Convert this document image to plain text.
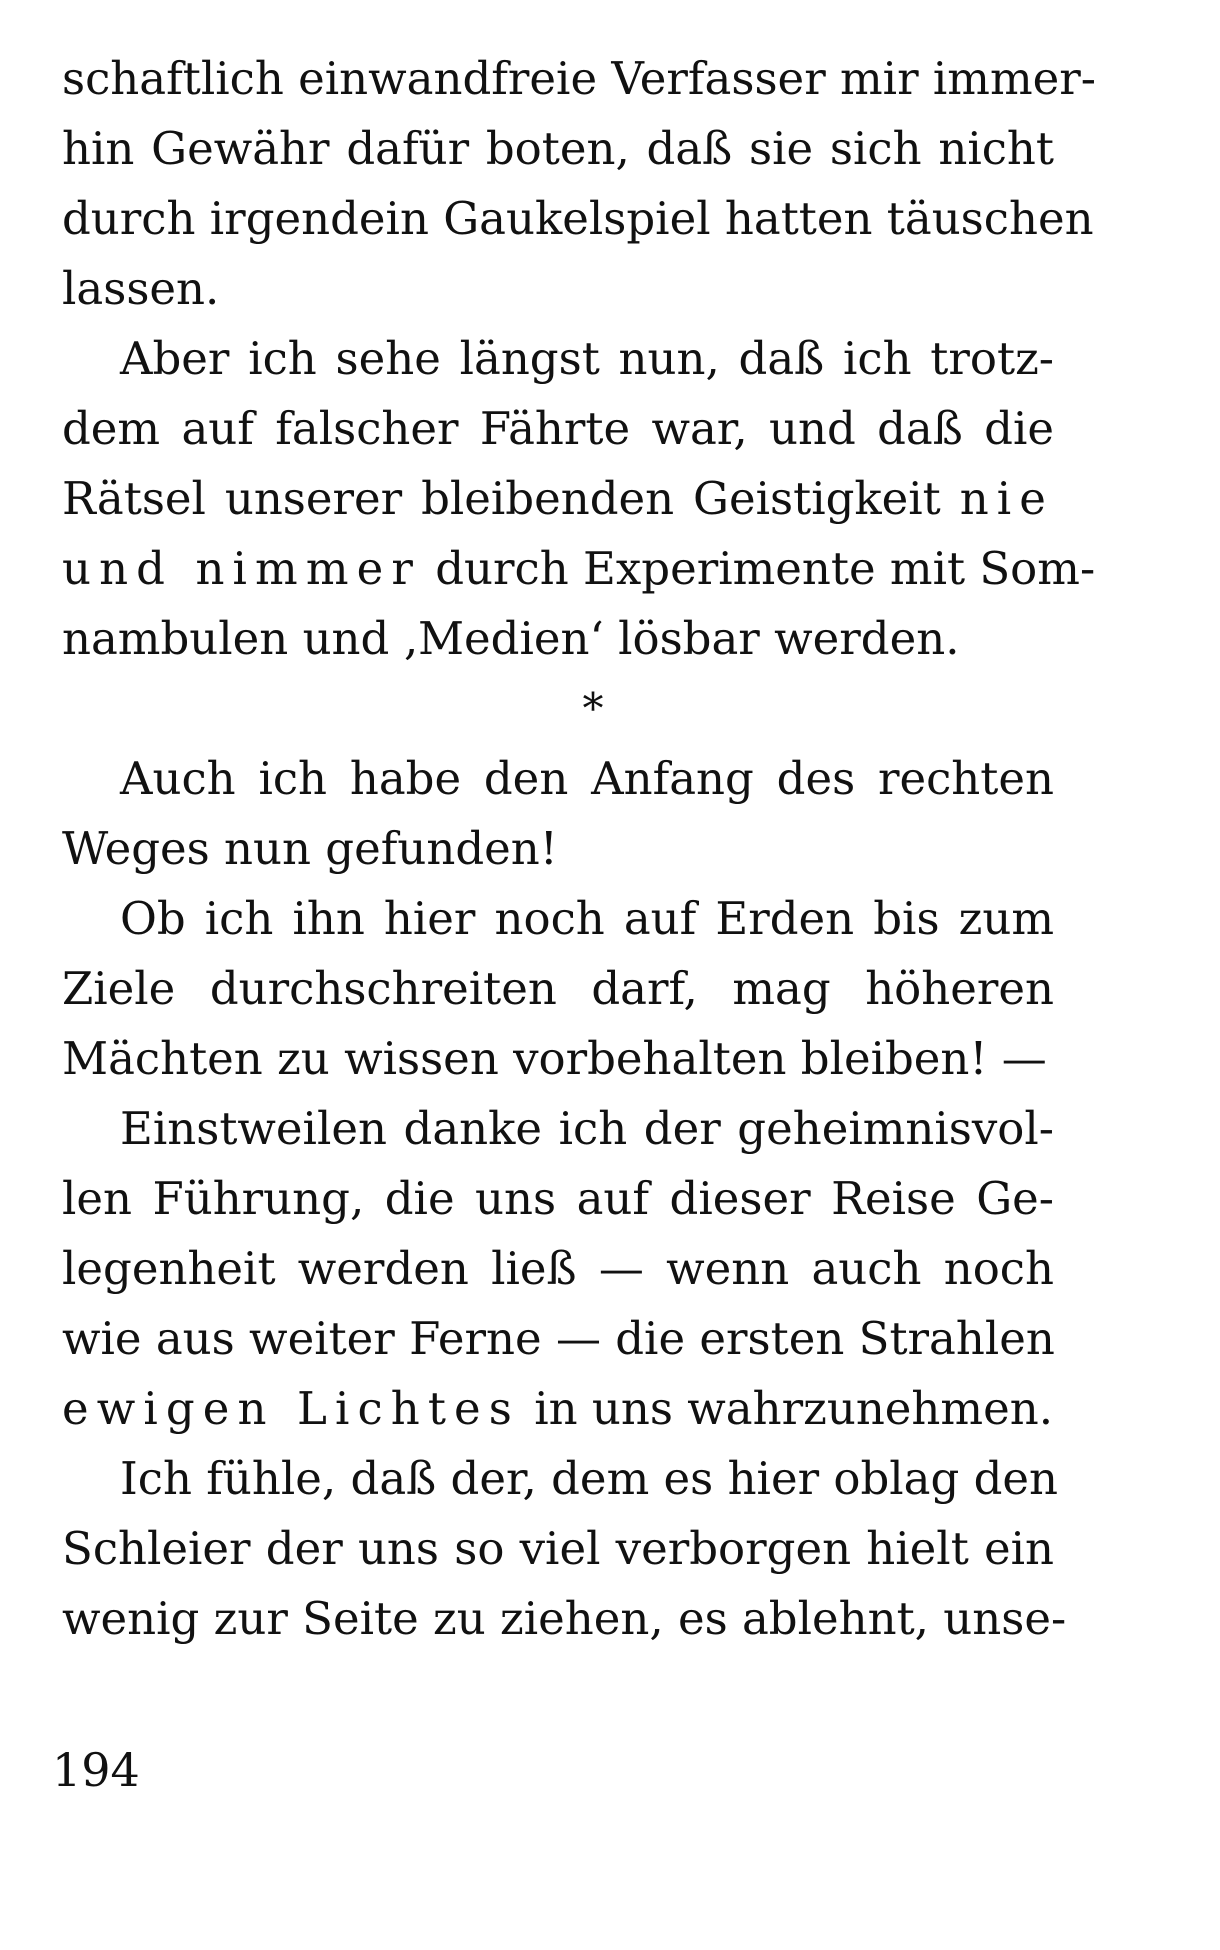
schaftlich einwandfreie Verfasser mir immer-
hin Gewähr dafür boten, daß sie sich nicht
durch irgendein Gaukelspiel hatten täuschen
lassen.
Aber ich sehe längst nun, daß ich trotz-
dem auf falscher Fährte war, und daß die
Rätsel unserer bleibenden Geistigkeit nie
und nimmer durch Experimente mit Som-
nambulen und ‚Medien‘ lösbar werden.
*
Auch ich habe den Anfang des rechten
Weges nun gefunden!
Ob ich ihn hier noch auf Erden bis zum
Ziele durchschreiten darf, mag höheren
Mächten zu wissen vorbehalten bleiben! —
Einstweilen danke ich der geheimnisvol-
len Führung, die uns auf dieser Reise Ge-
legenheit werden ließ — wenn auch noch
wie aus weiter Ferne — die ersten Strahlen
ewigen Lichtes in uns wahrzunehmen.
Ich fühle, daß der, dem es hier oblag den
Schleier der uns so viel verborgen hielt ein
wenig zur Seite zu ziehen, es ablehnt, unse-
194
